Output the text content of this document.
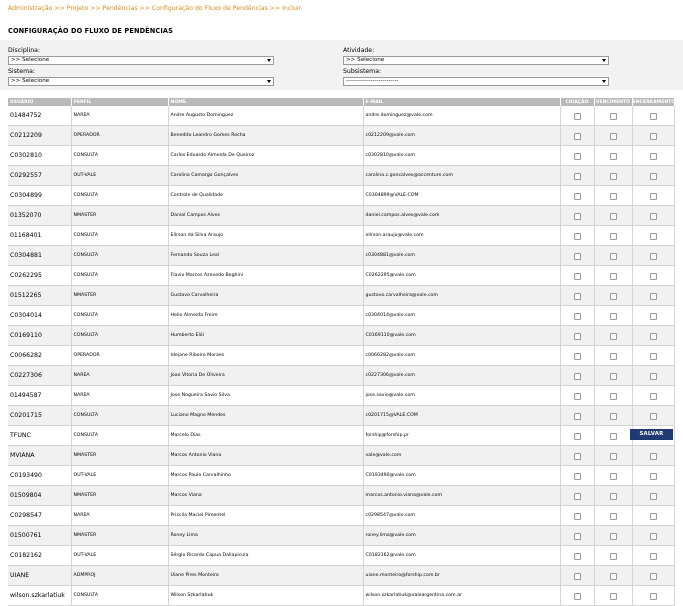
Administração >> Projeto >> Pendências >> Configuração do Fluxo de Pendências >> Incluir
CONFIGURAÇÃO DO FLUXO DE PENDÊNCIAS
Disciplina:
>> Selecione
Atividade:
>> Selecione
Sistema:
>> Selecione
Subsistema:
--------------------------
USUÁRIO	PERFIL	NOME	E-MAIL	CRIAÇÃO	VENCIMENTO	ENCERRAMENTO
01484752	NAREA	Andre Augusto Dominguez	andre.dominguez@vale.com			
C0212209	OPERADOR	Benedito Leandro Gomes Rocha	c0212209@vale.com			
C0302810	CONSULTA	Carlos Eduardo Almeida De Queiroz	c0302810@vale.com			
C0292557	OUT-VALE	Carolina Camargo Gonçalves	carolina.c.goncalves@accenture.com			
C0304899	CONSULTA	Controle de Qualidade	C0304899@VALE.COM			
01352070	NMASTER	Danial Campos Alves	daniel.campos.alves@vale.com			
01168401	CONSULTA	Ellrson da Silva Araujo	ellrson.araujo@vale.com			
C0304881	CONSULTA	Fernando Souza Leal	c0304881@vale.com			
C0262295	CONSULTA	Flavio Marcos Azevedo Beghini	C0262295@vale.com			
01512265	NMASTER	Gustavo Carvalheira	gustavo.carvalheira@vale.com			
C0304014	CONSULTA	Helio Almeida Freire	c0304014@vale.com			
C0169110	CONSULTA	Humberto Elói	C0169110@vale.com			
C0066282	OPERADOR	Idejane Ribeiro Moraes	c0066282@vale.com			
C0227306	NAREA	Joao Vitoria De Oliveira	c0227306@vale.com			
01494587	NAREA	Jose Nogueira Savio Silva	jose.savio@vale.com			
C0201715	CONSULTA	Luciano Magno Mendes	c0201715@VALE.COM			
TFUNC	CONSULTA	Marcelo Dias	forship@forship.pr			
MVIANA	NMASTER	Marcos Antonio Viana	vale@vale.com			
C0193490	OUT-VALE	Marcos Paulo Carvalhinho	C0193490@vale.com			
01509804	NMASTER	Marcos Viana	marcos.antonio.viana@vale.com			
C0298547	NAREA	Priscila Maciel Pimentel	c0298547@vale.com			
01500761	NMASTER	Roney Lima	roney.lima@vale.com			
C0182162	OUT-VALE	Sérgio Ricardo Capua Dallapicula	C0182162@vale.com			
UIANE	ADMPROJ	Uiane Pires Monteiro	uiane.monteiro@forship.com.br			
wilson.szkarlatiuk	CONSULTA	Wilson Szkarlatiuk	wilson.szkarlatiuk@valeargentina.com.ar			
SALVAR
